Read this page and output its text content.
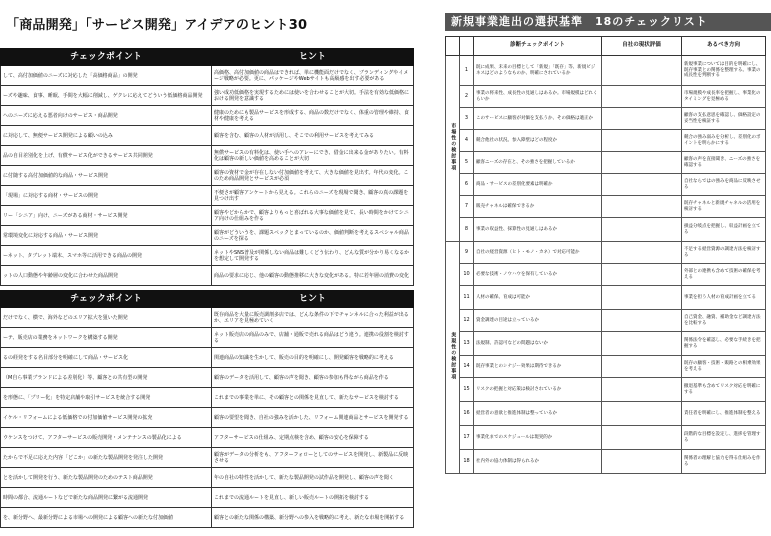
「商品開発」「サービス開発」アイデアのヒント30
チェックポイント	ヒント
して、高付加価値のニーズに対応した「高価格商品」の開発	高価格、高付加価値の商品はできれば、単に機能面だけでなく、ブランディングやイメージ戦略が必要。更に、パッケージやWebサイトも高級感を出す必要がある
ーズや趣味、食事、睡眠、手間を大幅に削減し、ゲクレに応えてどういう低価格商品開発	強い成功低価格を実現するためには使いを合わせることが大切。手法を有効な低価格における開発を意識する
へのニーズに応える悪者向けのサービス・商品開発	健康のためにも製品サービスを形成する、商品の数だけでなく、体重の管理や維持、食材や健康を考える
に対応して、無便サービス開発による顧いの込み	顧客を含む、顧客の人材が活用し、そこでの利用サービスを考えてみる
品の自目差別化を上げ、有償サービス化ができるサービス共同開発	無償サービスの有料化は、使い手へのアレーにでき、借金に出来る金がありたい。有料化は顧客の新しい価値を高めることが大切
に付随する高付加価値的な商品・サービス開発	顧客の資材で金が存在しない付加価値を考えて、大きな価値を見出す。年代の変化。このため商品開発とサービスが必須
「現場」に対応する商材・サービスの開発	不便さが顧客アンケートから見える。これらのニーズを現場で聞き、顧客の真の課題を見つけ出す
リー「シニア」向け、ニーズがある商材・サービス開発	顧客やどからかで、顧客よりもっと喜ばれる大事な価値を見て、長い時間をかけてシニア向けの仕組みを作る
常環境変化に対応する商品・サービス開発	顧客がどういうを、課題スペックとまっているのか、価値判断を考えるスペシャル商品のニーズを探る
ーネット、タブレット端末、スマホ等に活用できる商品の開発	ネットやSNS普及が関係しない商品は難しくどう伝わり、どんな質が分かり易くなるかを想定して開発する
ットの人口動態や年齢層の変化に合わせた商品開発	商品の要求に応じ、他の顧客の動態推移に大きな変化がある。特に若年層の消費の変化
チェックポイント	ヒント
だけでなく、横で、海外などのエリア拡大を狙いた開発	既存商品を大量に販売調剤多店では、どんな条件の下でチャンネルに合った利益が出るか、エリアを見極めていく
ーテ、販売店の業務をネットワークを構築する開発	ネット販売店の商品のみで、店舗・通販で売れる商品はどう違う。連携の役割を検討する
るの経発をする名目部分を明確にして商品・サービス化	関連商品の知識を生かして、販売の目的を明確にし、開発顧客を戦略的に考える
（M自ら事業ブランドによる差別化）等、顧客との共有型の開発	顧客のデータを活用して、顧客の声を聞き、顧客の参加も得ながら商品を作る
を形態に、「プリー化」を特定店舗や取引サービスを統合する開発	これまでの事業を単に、その顧客との関係を見直して、新たなサービスを検討する
イケル・リフォームによる低価格での付加価値サービス開発の拡充	顧客の要望を聞き、自社の強みを活かした、リフォーム関連商品とサービスを開発する
ウケンスをつけて、アフターサービスの販売開発・メンテナンスの製品化による	アフターサービスの仕組み、定期点検を含め、顧客の安心を保障する
たからで不足に応えた内容「どこか」の新たな製品開発を発注した開発	顧客がデータの分析をも、アフターフォローとしてのサービスを開発し、新製品に反映させる
とを活かして開発を行う、新たな製品開発のためのテスト商品開発	年の自社の特性を活かして、新たな製品開発の試作品を開発し、顧客の声を聞く
時間の都合、流通ルートなどで新たな商品開発に繋がる流通開発	これまでの流通ルートを見直し、新しい販売ルートの開拓を検討する
を、新分野へ、最新分野による市場への開発による顧客への新たな付加価値	顧客との新たな関係の構築、新分野への参入を戦略的に考え、新たな市場を開拓する
新規事業進出の選択基準　18のチェックリスト
		診断チェックポイント	自社の現状評価	あるべき方向
市場性の検討事項	1	既に成果、未来の目標として「新規」「既存」等、新規ビジネスはどのようなものか、明確にされているか		新規事業については目的を明確にし、既存事業との関係を整理する。事業の成長性を判断する
	2	事業の将来性、成長性の見通しはあるか。市場規模はどれくらいか		市場規模や成長率を把握し、事業化のタイミングを見極める
	3	このサービスに顧客が対価を支払うか、その価格は適正か		顧客の支払意思を確認し、価格設定の妥当性を検証する
	4	競合他社の状況、参入障壁はどの程度か		競合の強み弱みを分析し、差別化のポイントを明らかにする
	5	顧客ニーズの存在と、その強さを把握しているか		顧客の声を直接聞き、ニーズの強さを確認する
	6	商品・サービスの差別化要素は明確か		自社ならではの強みを商品に反映させる
	7	販売チャネルは確保できるか		既存チャネルと新規チャネルの活用を検討する
	8	事業の収益性、採算性の見通しはあるか		損益分岐点を把握し、収益計画を立てる
実現性の検討事項	9	自社の経営資源（ヒト・モノ・カネ）で対応可能か		不足する経営資源の調達方法を検討する
	10	必要な技術・ノウハウを保有しているか		外部との連携も含めて技術の確保を考える
	11	人材の確保、育成は可能か		事業を担う人材の育成計画を立てる
	12	資金調達の目途は立っているか		自己資金、融資、補助金など調達方法を比較する
	13	法規制、許認可などの問題はないか		関係法令を確認し、必要な手続きを把握する
	14	既存事業とのシナジー効果は期待できるか		既存の顧客・技術・販路との相乗効果を考える
	15	リスクの把握と対応策は検討されているか		撤退基準も含めてリスク対応を明確にする
	16	経営者の意欲と推進体制は整っているか		責任者を明確にし、推進体制を整える
	17	事業化までのスケジュールは現実的か		段階的な目標を設定し、進捗を管理する
	18	社内外の協力体制は得られるか		関係者の理解と協力を得る仕組みを作る
